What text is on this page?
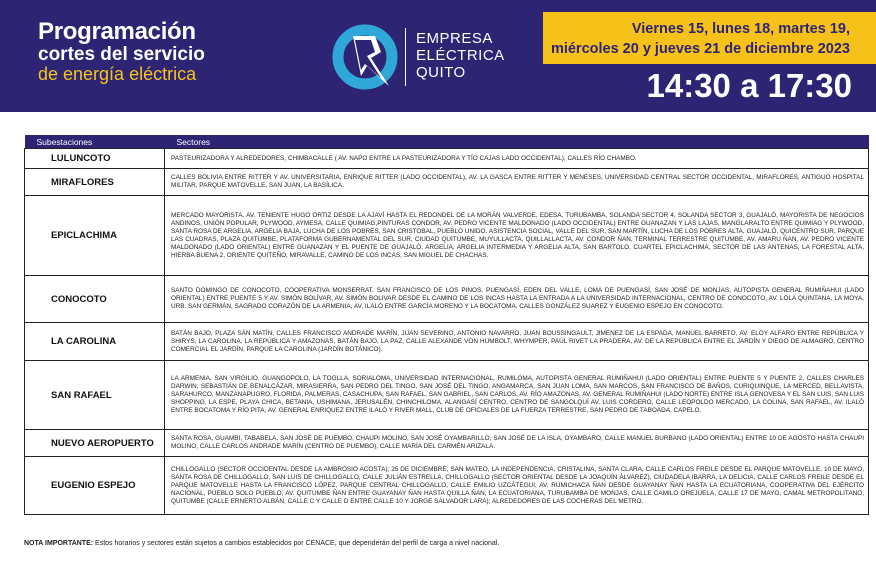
Programación
cortes del servicio
de energía eléctrica
EMPRESA
ELÉCTRICA
QUITO
Viernes 15, lunes 18, martes 19,
miércoles 20 y jueves 21 de diciembre 2023
14:30 a 17:30
Subestaciones	Sectores
LULUNCOTO	PASTEURIZADORA Y ALREDEDORES, CHIMBACALLE ( AV. NAPO ENTRE LA PASTEURIZADORA Y TÍO CAJAS LADO OCCIDENTAL), CALLES RÍO CHAMBO.
MIRAFLORES	CALLES BOLIVIA ENTRE RITTER Y AV. UNIVERSITARIA, ENRIQUE RITTER (LADO OCCIDENTAL), AV. LA GASCA ENTRE RITTER Y MENESES, UNIVERSIDAD CENTRAL SECTOR OCCIDENTAL, MIRAFLORES, ANTIGUO HOSPITAL MILITAR, PARQUE MATOVELLE, SAN JUAN, LA BASÍLICA.
EPICLACHIMA	MERCADO MAYORISTA, AV. TENIENTE HUGO ORTIZ DESDE LA AJAVÍ HASTA EL REDONDEL DE LA MORÁN VALVERDE, EDESA, TURUBAMBA, SOLANDA SECTOR 4, SOLANDA SECTOR 3, GUAJALÓ, MAYORISTA DE NEGOCIOS ANDINOS, UNIÓN POPULAR, PLYWOOD, AYMESA, CALLE QUIMIAG,PINTURAS CONDOR, AV. PEDRO VICENTE MALDONADO (LADO OCCIDENTAL) ENTRE GUANAZAN Y LAS LAJAS, MANGLARALTO ENTRE QUIMIAG Y PLYWOOD, SANTA ROSA DE ARGELIA, ARGELIA BAJA, LUCHA DE LOS POBRES, SAN CRISTOBAL, PUEBLO UNIDO, ASISTENCIA SOCIAL, VALLE DEL SUR, SAN MARTÍN, LUCHA DE LOS POBRES ALTA, GUAJALÓ, QUICENTRO SUR, PARQUE LAS CUADRAS, PLAZA QUITUMBE, PLATAFORMA GUBERNAMENTAL DEL SUR, CIUDAD QUITUMBE, MUYULLACTA, QUILLALLACTA, AV. CONDOR ÑAN, TERMINAL TERRESTRE QUITUMBE, AV. AMARU ÑAN, AV. PEDRO VICENTE MALDONADO (LADO ORIENTAL) ENTRE GUANAZAN Y EL PUENTE DE GUAJALÓ, ARGELIA, ARGELIA INTERMEDIA Y ARGELIA ALTA, SAN BARTOLO, CUARTEL EPICLACHIMA, SECTOR DE LAS ANTENAS, LA FORESTAL ALTA, HIERBA BUENA 2, ORIENTE QUITEÑO, MIRAVALLE, CAMINO DE LOS INCAS, SAN MIGUEL DE CHACHAS.
CONOCOTO	SANTO DOMINGO DE CONOCOTO, COOPERATIVA MONSERRAT, SAN FRANCISCO DE LOS PINOS, PUENGASÍ, EDEN DEL VALLE, LOMA DE PUENGASÍ, SAN JOSÉ DE MONJAS, AUTOPISTA GENERAL RUMIÑAHUI (LADO ORIENTAL) ENTRE PUENTE 5 Y AV. SIMÓN BOLÍVAR, AV. SIMÓN BOLIVAR DESDE EL CAMINO DE LOS INCAS HASTA LA ENTRADA A LA UNIVERSIDAD INTERNACIONAL, CENTRO DE CONOCOTO, AV. LOLA QUINTANA, LA MOYA, URB. SAN GERMÁN, SAGRADO CORAZÓN DE LA ARMENIA, AV. ILALÓ ENTRE GARCÍA MORENO Y LA BOCATOMA, CALLES GONZÁLEZ SUAREZ Y EUGENIO ESPEJO EN CONOCOTO.
LA CAROLINA	BATÁN BAJO, PLAZA SÁN MATÍN, CALLES FRANCISCO ANDRADE MARÍN, JUAN SEVERINO, ANTONIO NAVARRO, JUAN BOUSSINGAULT, JIMENEZ DE LA ESPADA, MANUEL BARRETO, AV. ELOY ALFARO ENTRE REPÚBLICA Y SHIRYS, LA CAROLINA, LA REPÚBLICA Y AMAZONAS, BATÁN BAJO, LA PAZ, CALLE ALEXANDE VON HUMBOLT, WHYMPER, PAÚL RIVET LA PRADERA, AV. DE LA REPÚBLICA ENTRE EL JARDÍN Y DIEGO DE ALMAGRO, CENTRO COMERCIAL EL JARDÍN, PARQUE LA CAROLINA (JARDÍN BOTÁNICO).
SAN RAFAEL	LA ARMENIA, SAN VIRGILIO, GUANGOPOLO, LA TOGLLA, SORIALOMA, UNIVERSIDAD INTERNACIONAL, RUMILOMA, AUTOPISTA GENERAL RUMIÑAHUI (LADO ORIENTAL) ENTRE PUENTE 5 Y PUENTE 2, CALLES CHARLES DARWIN, SEBASTIÁN DE BENALCÁZAR, MIRASIERRA, SAN PEDRO DEL TINGO, SAN JOSÉ DEL TINGO, ANGAMARCA, SAN JUAN LOMA, SAN MARCOS, SAN FRANCISCO DE BAÑOS, CURIQUINQUE, LA MERCED, BELLAVISTA, SARAHURCO, MANZANAPUGRO, FLORIDA, PALMERAS, CASACHUPA, SAN RAFAEL, SAN GABRIEL, SAN CARLOS, AV. RÍO AMAZONAS, AV. GENERAL RUMIÑAHUI (LADO NORTE) ENTRE ISLA GENOVESA Y EL SAN LUIS, SAN LUIS SHOPPING, LA ESPE, PLAYA CHICA, BETANIA, USHIMANA, JERUSALÉN, CHINCHILOMA, ALANGASÍ CENTRO, CENTRO DE SANGOLQUÍ AV. LUIS CORDERO, CALLE LEOPOLDO MERCADO, LA COLINA, SAN RAFAEL, AV. ILALÓ ENTRE BOCATOMA Y RÍO PITA, AV. GENERAL ENRIQUEZ ENTRE ILALÓ Y RIVER MALL, CLUB DE OFICIALES DE LA FUERZA TERRESTRE, SAN PEDRO DE TABOADA, CAPELO.
NUEVO AEROPUERTO	SANTA ROSA, GUAMBI, TABABELA, SAN JOSÉ DE PUEMBO, CHAUPI MOLINO, SAN JOSÉ OYAMBARILLO, SAN JOSÉ DE LA ISLA, OYAMBARO, CALLE MANUEL BURBANO (LADO ORIENTAL) ENTRE 10 DE AGOSTO HASTA CHAUPI MOLINO, CALLE CARLOS ANDRADE MARÍN (CENTRO DE PUEMBO), CALLE MARÍA DEL CARMÉN ARIZALA.
EUGENIO ESPEJO	CHILLOGALLO (SECTOR OCCIDENTAL DESDE LA AMBROSIO ACOSTA); 25 DE DICIEMBRE, SAN MATEO, LA INDEPENDENCIA, CRISTALINA, SANTA CLARA, CALLE CARLOS FREILE DESDE EL PARQUE MATOVELLE, 10 DE MAYO, SANTA ROSA DE CHILLOGALLO, SAN LUIS DE CHILLOGALLO, CALLE JULIÁN ESTRELLA, CHILLOGALLO (SECTOR ORIENTAL DESDE LA JOAQUÍN ÁLVAREZ), CIUDADELA IBARRA, LA DELICIA, CALLE CARLOS FREILE DESDE EL PARQUE MATOVELLE HASTA LA FRANCISCO LÓPEZ, PARQUE CENTRAL CHILLOGALLO, CALLE EMILIO UZCÁTEGUI, AV. RUMICHACA ÑAN DESDE GUAYANAY ÑAN HASTA LA ECUATORIANA, COOPERATIVA DEL EJÉRCITO NACIONAL, PUEBLO SOLO PUEBLO, AV. QUITUMBE ÑAN ENTRE GUAYANAY ÑAN HASTA QUILLA ÑAN, LA ECUATORIANA, TURUBAMBA DE MONJAS, CALLE CAMILO OREJUELA, CALLE 17 DE MAYO, CAMAL METROPOLITANO, QUITUMBE (CALLE ERNERTO ALBÁN, CALLE C Y CALLE D ENTRE CALLE 10 Y JORGE SALVADOR LARA); ALREDEDORES DE LAS COCHERAS DEL METRO.
NOTA IMPORTANTE: Estos horarios y sectores están sujetos a cambios establecidos por CENACE, que dependerán del perfil de carga a nivel nacional.
